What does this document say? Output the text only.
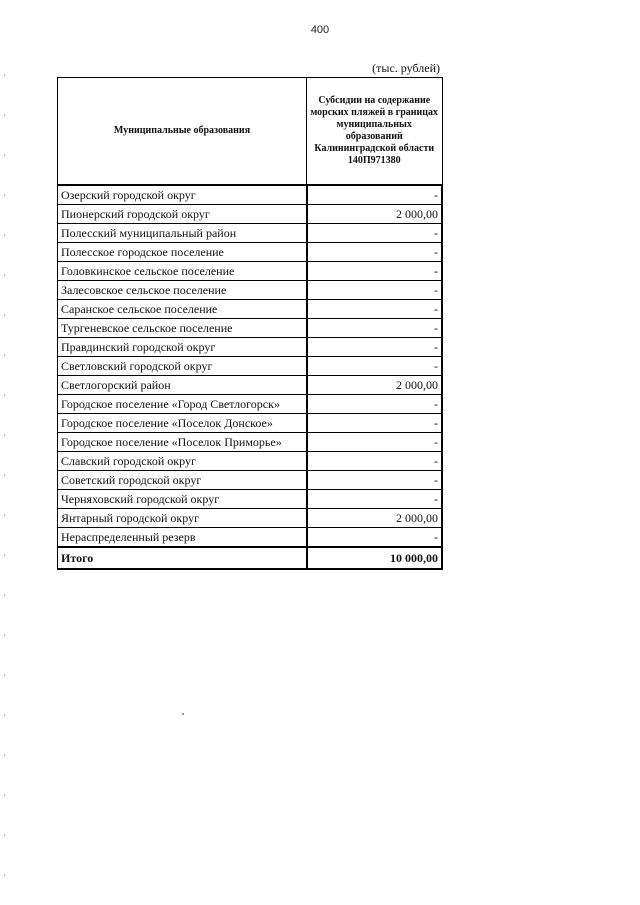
400
(тыс. рублей)
Муниципальные образования	Субсидии на содержание морских пляжей в границах муниципальных образований Калининградской области
140П971380

Озерский городской округ	-
Пионерский городской округ	2 000,00
Полесский муниципальный район	-
Полесское городское поселение	-
Головкинское сельское поселение	-
Залесовское сельское поселение	-
Саранское сельское поселение	-
Тургеневское сельское поселение	-
Правдинский городской округ	-
Светловский городской округ	-
Светлогорский район	2 000,00
Городское поселение «Город Светлогорск»	-
Городское поселение «Поселок Донское»	-
Городское поселение «Поселок Приморье»	-
Славский городской округ	-
Советский городской округ	-
Черняховский городской округ	-
Янтарный городской округ	2 000,00
Нераспределенный резерв	-
Итого	10 000,00
